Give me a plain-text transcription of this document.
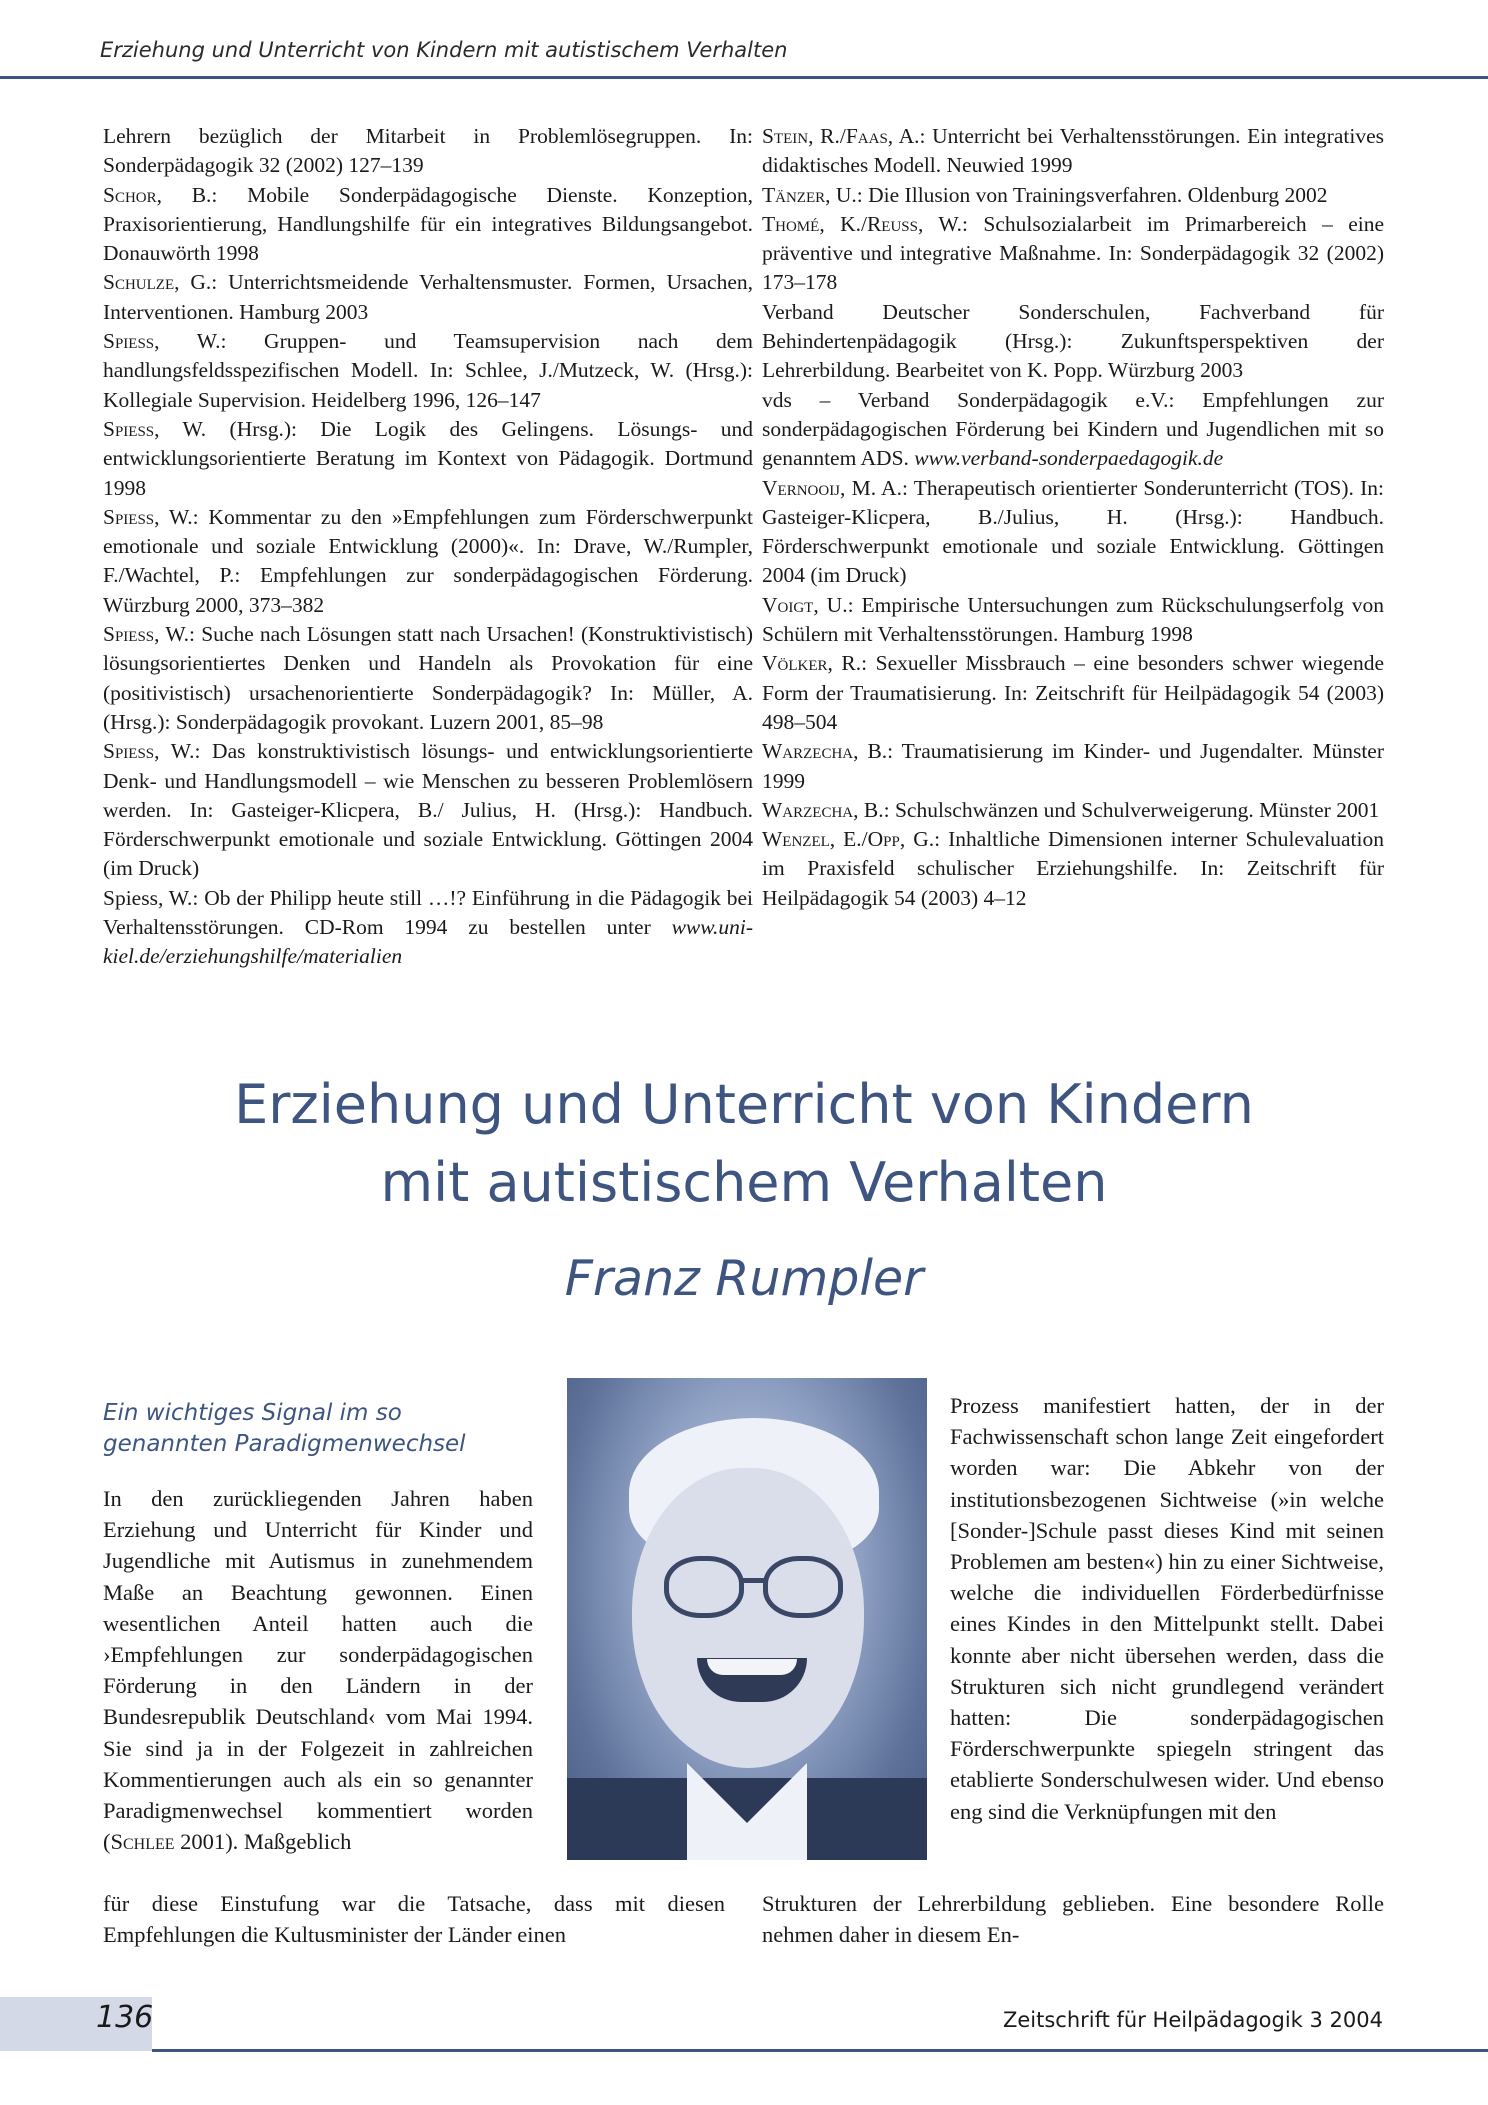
Erziehung und Unterricht von Kindern mit autistischem Verhalten

Lehrern bezüglich der Mitarbeit in Problemlösegruppen. In: Sonderpädagogik 32 (2002) 127–139

Schor, B.: Mobile Sonderpädagogische Dienste. Konzeption, Praxisorientierung, Handlungshilfe für ein integratives Bildungsangebot. Donauwörth 1998

Schulze, G.: Unterrichtsmeidende Verhaltensmuster. Formen, Ursachen, Interventionen. Hamburg 2003

Spiess, W.: Gruppen- und Teamsupervision nach dem handlungsfeldsspezifischen Modell. In: Schlee, J./Mutzeck, W. (Hrsg.): Kollegiale Supervision. Heidelberg 1996, 126–147

Spiess, W. (Hrsg.): Die Logik des Gelingens. Lösungs- und entwicklungsorientierte Beratung im Kontext von Pädagogik. Dortmund 1998

Spiess, W.: Kommentar zu den »Empfehlungen zum Förderschwerpunkt emotionale und soziale Entwicklung (2000)«. In: Drave, W./Rumpler, F./Wachtel, P.: Empfehlungen zur sonderpädagogischen Förderung. Würzburg 2000, 373–382

Spiess, W.: Suche nach Lösungen statt nach Ursachen! (Konstruktivistisch) lösungsorientiertes Denken und Handeln als Provokation für eine (positivistisch) ursachenorientierte Sonderpädagogik? In: Müller, A. (Hrsg.): Sonderpädagogik provokant. Luzern 2001, 85–98

Spiess, W.: Das konstruktivistisch lösungs- und entwicklungsorientierte Denk- und Handlungsmodell – wie Menschen zu besseren Problemlösern werden. In: Gasteiger-Klicpera, B./ Julius, H. (Hrsg.): Handbuch. Förderschwerpunkt emotionale und soziale Entwicklung. Göttingen 2004 (im Druck)

Spiess, W.: Ob der Philipp heute still …!? Einführung in die Pädagogik bei Verhaltensstörungen. CD-Rom 1994 zu bestellen unter www.uni-kiel.de/erziehungshilfe/materialien

Stein, R./Faas, A.: Unterricht bei Verhaltensstörungen. Ein integratives didaktisches Modell. Neuwied 1999

Tänzer, U.: Die Illusion von Trainingsverfahren. Oldenburg 2002

Thomé, K./Reuss, W.: Schulsozialarbeit im Primarbereich – eine präventive und integrative Maßnahme. In: Sonderpädagogik 32 (2002) 173–178

Verband Deutscher Sonderschulen, Fachverband für Behindertenpädagogik (Hrsg.): Zukunftsperspektiven der Lehrerbildung. Bearbeitet von K. Popp. Würzburg 2003

vds – Verband Sonderpädagogik e.V.: Empfehlungen zur sonderpädagogischen Förderung bei Kindern und Jugendlichen mit so genanntem ADS. www.verband-sonderpaedagogik.de

Vernooij, M. A.: Therapeutisch orientierter Sonderunterricht (TOS). In: Gasteiger-Klicpera, B./Julius, H. (Hrsg.): Handbuch. Förderschwerpunkt emotionale und soziale Entwicklung. Göttingen 2004 (im Druck)

Voigt, U.: Empirische Untersuchungen zum Rückschulungserfolg von Schülern mit Verhaltensstörungen. Hamburg 1998

Völker, R.: Sexueller Missbrauch – eine besonders schwer wiegende Form der Traumatisierung. In: Zeitschrift für Heilpädagogik 54 (2003) 498–504

Warzecha, B.: Traumatisierung im Kinder- und Jugendalter. Münster 1999

Warzecha, B.: Schulschwänzen und Schulverweigerung. Münster 2001

Wenzel, E./Opp, G.: Inhaltliche Dimensionen interner Schulevaluation im Praxisfeld schulischer Erziehungshilfe. In: Zeitschrift für Heilpädagogik 54 (2003) 4–12

Erziehung und Unterricht von Kindern
mit autistischem Verhalten
Franz Rumpler
Ein wichtiges Signal im so
genannten Paradigmenwechsel
In den zurückliegenden Jahren haben Erziehung und Unterricht für Kinder und Jugendliche mit Autismus in zunehmendem Maße an Beachtung gewonnen. Einen wesentlichen Anteil hatten auch die ›Empfehlungen zur sonderpädagogischen Förderung in den Ländern in der Bundesrepublik Deutschland‹ vom Mai 1994. Sie sind ja in der Folgezeit in zahlreichen Kommentierungen auch als ein so genannter Paradigmenwechsel kommentiert worden (Schlee 2001). Maßgeblich
für diese Einstufung war die Tatsache, dass mit diesen Empfehlungen die Kultusminister der Länder einen
Prozess manifestiert hatten, der in der Fachwissenschaft schon lange Zeit eingefordert worden war: Die Abkehr von der institutionsbezogenen Sichtweise (»in welche [Sonder-]Schule passt dieses Kind mit seinen Problemen am besten«) hin zu einer Sichtweise, welche die individuellen Förderbedürfnisse eines Kindes in den Mittelpunkt stellt. Dabei konnte aber nicht übersehen werden, dass die Strukturen sich nicht grundlegend verändert hatten: Die sonderpädagogischen Förderschwerpunkte spiegeln stringent das etablierte Sonderschulwesen wider. Und ebenso eng sind die Verknüpfungen mit den
Strukturen der Lehrerbildung geblieben. Eine besondere Rolle nehmen daher in diesem En-
136	Zeitschrift für Heilpädagogik 3 2004
